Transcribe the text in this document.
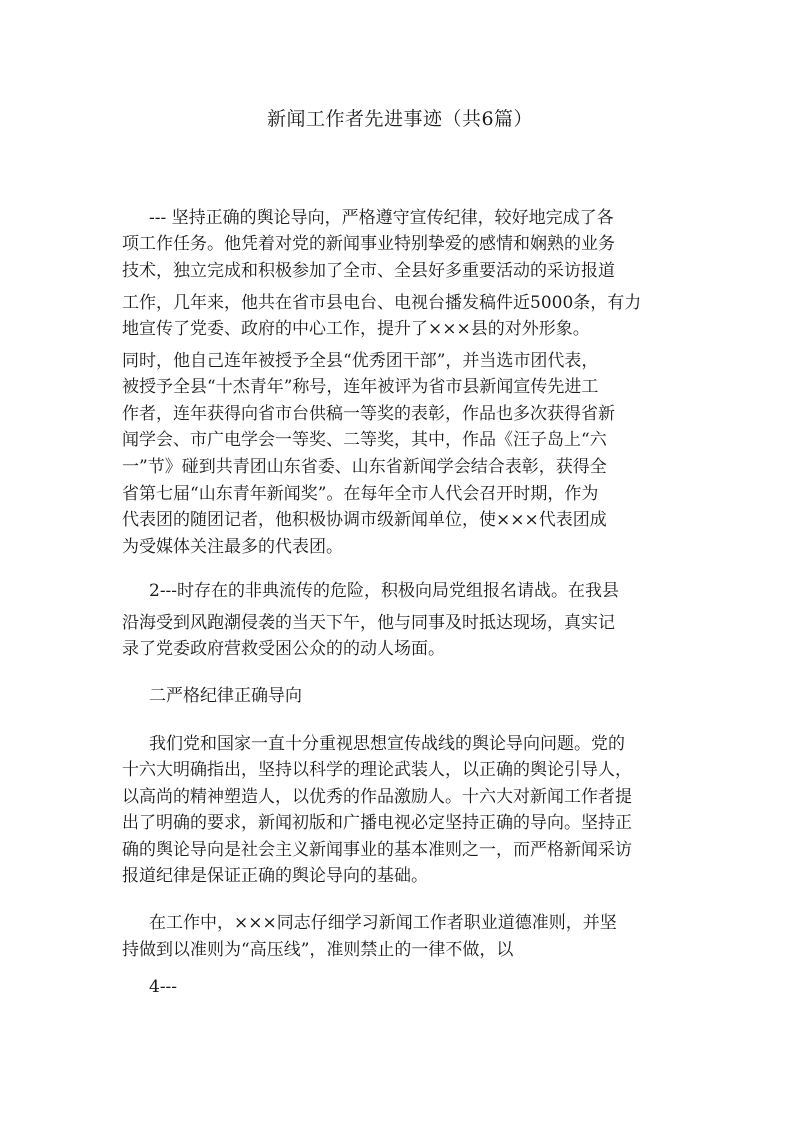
新闻工作者先进事迹（共6篇）
--- 坚持正确的舆论导向，严格遵守宣传纪律，较好地完成了各
项工作任务。他凭着对党的新闻事业特别挚爱的感情和娴熟的业务
技术，独立完成和积极参加了全市、全县好多重要活动的采访报道
工作，几年来，他共在省市县电台、电视台播发稿件近5000条，有力
地宣传了党委、政府的中心工作，提升了×××县的对外形象。
同时，他自己连年被授予全县“优秀团干部”，并当选市团代表，
被授予全县“十杰青年”称号，连年被评为省市县新闻宣传先进工
作者，连年获得向省市台供稿一等奖的表彰，作品也多次获得省新
闻学会、市广电学会一等奖、二等奖，其中，作品《汪子岛上“六
一”节》碰到共青团山东省委、山东省新闻学会结合表彰，获得全
省第七届“山东青年新闻奖”。在每年全市人代会召开时期，作为
代表团的随团记者，他积极协调市级新闻单位，使×××代表团成
为受媒体关注最多的代表团。
2---时存在的非典流传的危险，积极向局党组报名请战。在我县
沿海受到风跑潮侵袭的当天下午，他与同事及时抵达现场，真实记
录了党委政府营救受困公众的的动人场面。
二严格纪律正确导向
我们党和国家一直十分重视思想宣传战线的舆论导向问题。党的
十六大明确指出，坚持以科学的理论武装人，以正确的舆论引导人，
以高尚的精神塑造人，以优秀的作品激励人。十六大对新闻工作者提
出了明确的要求，新闻初版和广播电视必定坚持正确的导向。坚持正
确的舆论导向是社会主义新闻事业的基本准则之一，而严格新闻采访
报道纪律是保证正确的舆论导向的基础。
在工作中，×××同志仔细学习新闻工作者职业道德准则，并坚
持做到以准则为“高压线”，准则禁止的一律不做，以
4---
